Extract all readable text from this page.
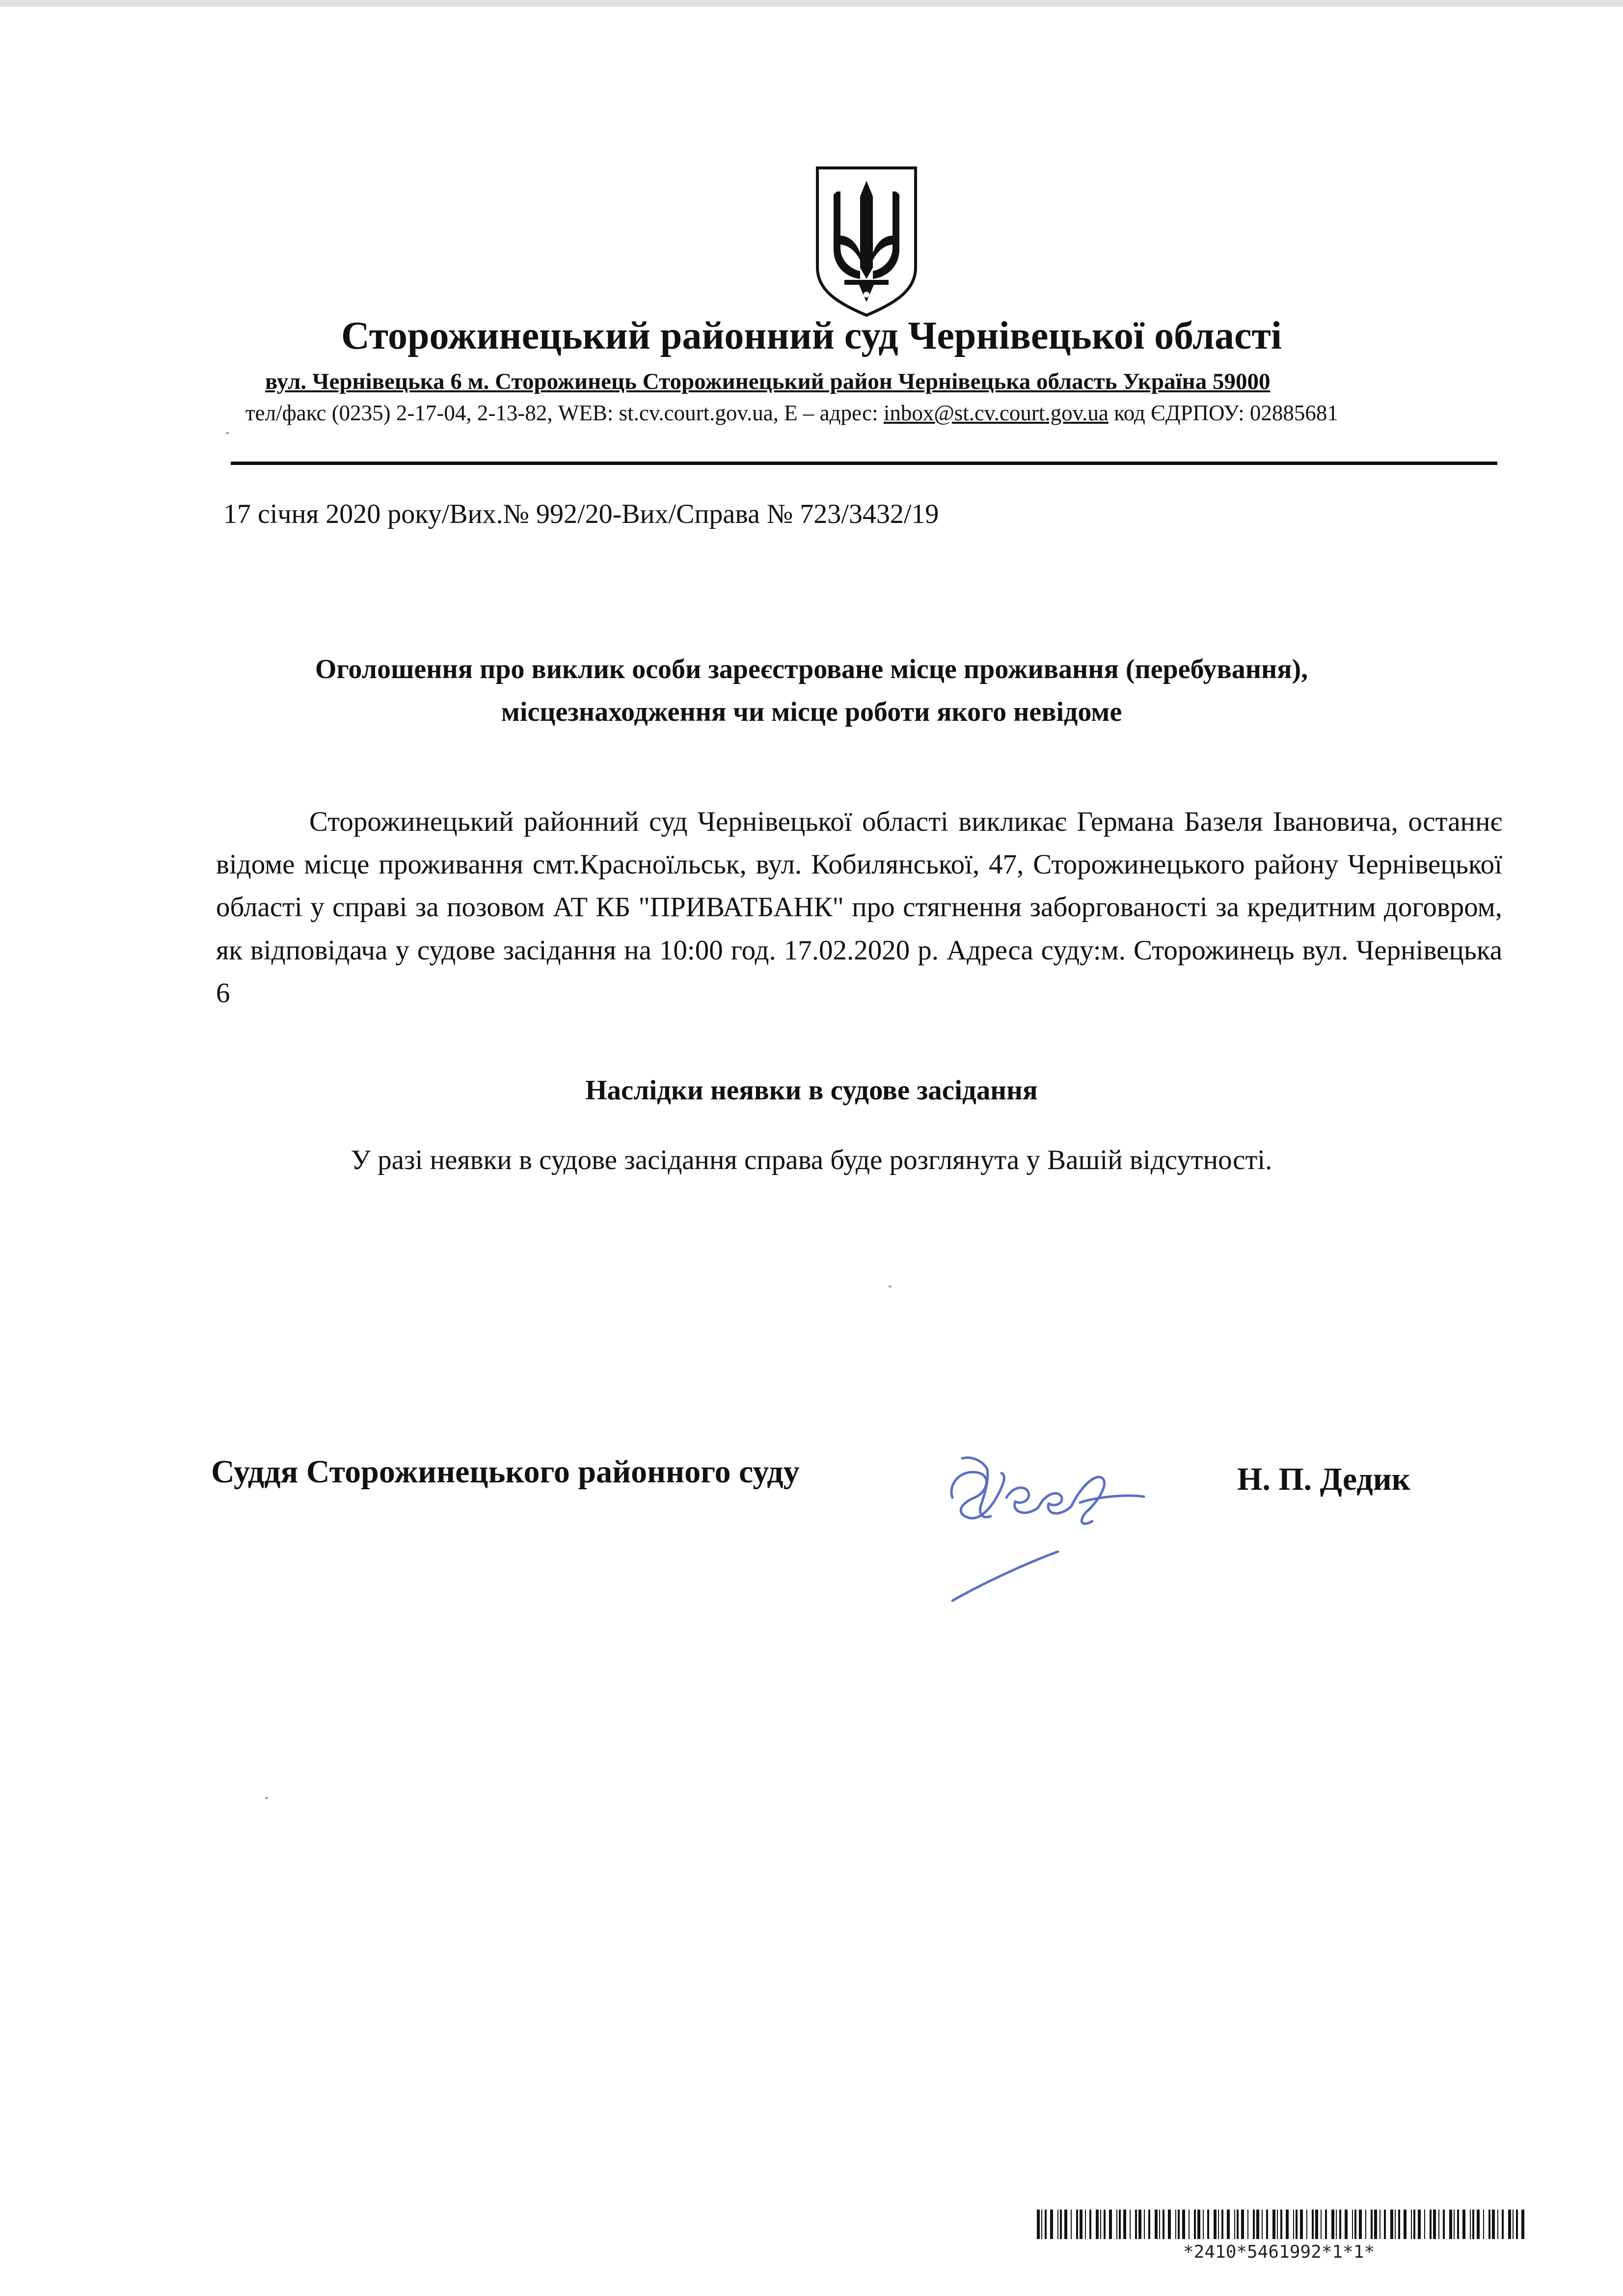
Сторожинецький районний суд Чернівецької області
вул. Чернівецька 6 м. Сторожинець Сторожинецький район Чернівецька область Україна 59000
тел/факс (0235) 2-17-04, 2-13-82, WEB: st.cv.court.gov.ua, Е – адрес: inbox@st.cv.court.gov.ua код ЄДРПОУ: 02885681
17 січня 2020 року/Вих.№ 992/20-Вих/Справа № 723/3432/19
Оголошення про виклик особи зареєстроване місце проживання (перебування),
місцезнаходження чи місце роботи якого невідоме

Сторожинецький районний суд Чернівецької області викликає Германа Базеля Івановича, останнє відоме місце проживання смт.Красноїльськ, вул. Кобилянської, 47, Сторожинецького району Чернівецької області у справі за позовом АТ КБ "ПРИВАТБАНК" про стягнення заборгованості за кредитним договром, як відповідача у судове засідання на 10:00 год. 17.02.2020 р. Адреса суду:м. Сторожинець вул. Чернівецька 6

Наслідки неявки в судове засідання
У разі неявки в судове засідання справа буде розглянута у Вашій відсутності.
Суддя Сторожинецького районного суду	Н. П. Дедик
*2410*5461992*1*1*
